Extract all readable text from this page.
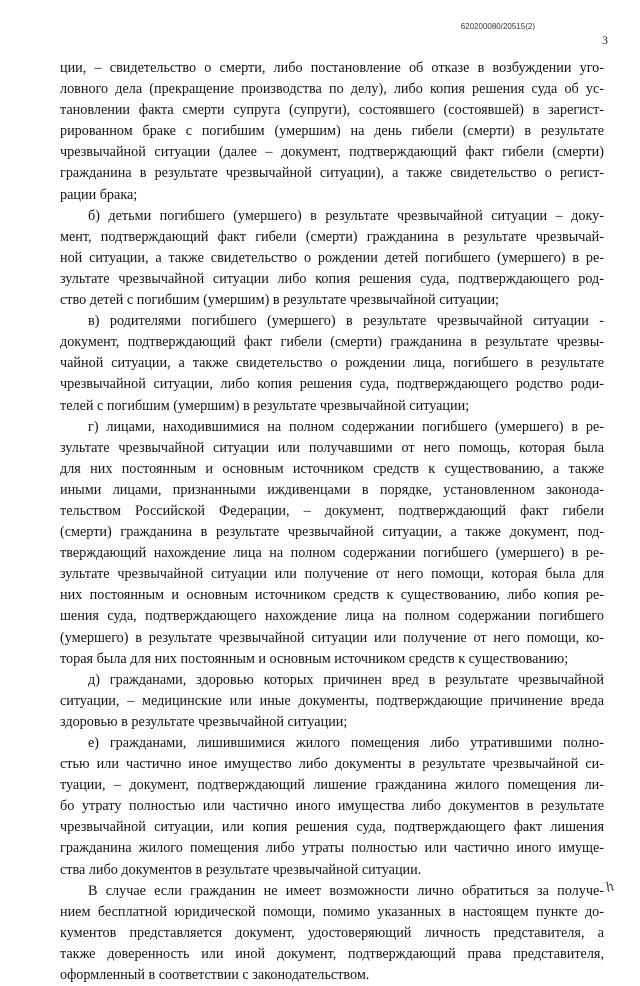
620200080/20515(2)
3
ции, – свидетельство о смерти, либо постановление об отказе в возбуждении уго-
ловного дела (прекращение производства по делу), либо копия решения суда об ус-
тановлении факта смерти супруга (супруги), состоявшего (состоявшей) в зарегист-
рированном браке с погибшим (умершим) на день гибели (смерти) в результате
чрезвычайной ситуации (далее – документ, подтверждающий факт гибели (смерти)
гражданина в результате чрезвычайной ситуации), а также свидетельство о регист-
рации брака;
б) детьми погибшего (умершего) в результате чрезвычайной ситуации – доку-
мент, подтверждающий факт гибели (смерти) гражданина в результате чрезвычай-
ной ситуации, а также свидетельство о рождении детей погибшего (умершего) в ре-
зультате чрезвычайной ситуации либо копия решения суда, подтверждающего род-
ство детей с погибшим (умершим) в результате чрезвычайной ситуации;
в) родителями погибшего (умершего) в результате чрезвычайной ситуации -
документ, подтверждающий факт гибели (смерти) гражданина в результате чрезвы-
чайной ситуации, а также свидетельство о рождении лица, погибшего в результате
чрезвычайной ситуации, либо копия решения суда, подтверждающего родство роди-
телей с погибшим (умершим) в результате чрезвычайной ситуации;
г) лицами, находившимися на полном содержании погибшего (умершего) в ре-
зультате чрезвычайной ситуации или получавшими от него помощь, которая была
для них постоянным и основным источником средств к существованию, а также
иными лицами, признанными иждивенцами в порядке, установленном законода-
тельством Российской Федерации, – документ, подтверждающий факт гибели
(смерти) гражданина в результате чрезвычайной ситуации, а также документ, под-
тверждающий нахождение лица на полном содержании погибшего (умершего) в ре-
зультате чрезвычайной ситуации или получение от него помощи, которая была для
них постоянным и основным источником средств к существованию, либо копия ре-
шения суда, подтверждающего нахождение лица на полном содержании погибшего
(умершего) в результате чрезвычайной ситуации или получение от него помощи, ко-
торая была для них постоянным и основным источником средств к существованию;
д) гражданами, здоровью которых причинен вред в результате чрезвычайной
ситуации, – медицинские или иные документы, подтверждающие причинение вреда
здоровью в результате чрезвычайной ситуации;
е) гражданами, лишившимися жилого помещения либо утратившими полно-
стью или частично иное имущество либо документы в результате чрезвычайной си-
туации, – документ, подтверждающий лишение гражданина жилого помещения ли-
бо утрату полностью или частично иного имущества либо документов в результате
чрезвычайной ситуации, или копия решения суда, подтверждающего факт лишения
гражданина жилого помещения либо утраты полностью или частично иного имуще-
ства либо документов в результате чрезвычайной ситуации.
В случае если гражданин не имеет возможности лично обратиться за получе-
нием бесплатной юридической помощи, помимо указанных в настоящем пункте до-
кументов представляется документ, удостоверяющий личность представителя, а
также доверенность или иной документ, подтверждающий права представителя,
оформленный в соответствии с законодательством.
ℎ
